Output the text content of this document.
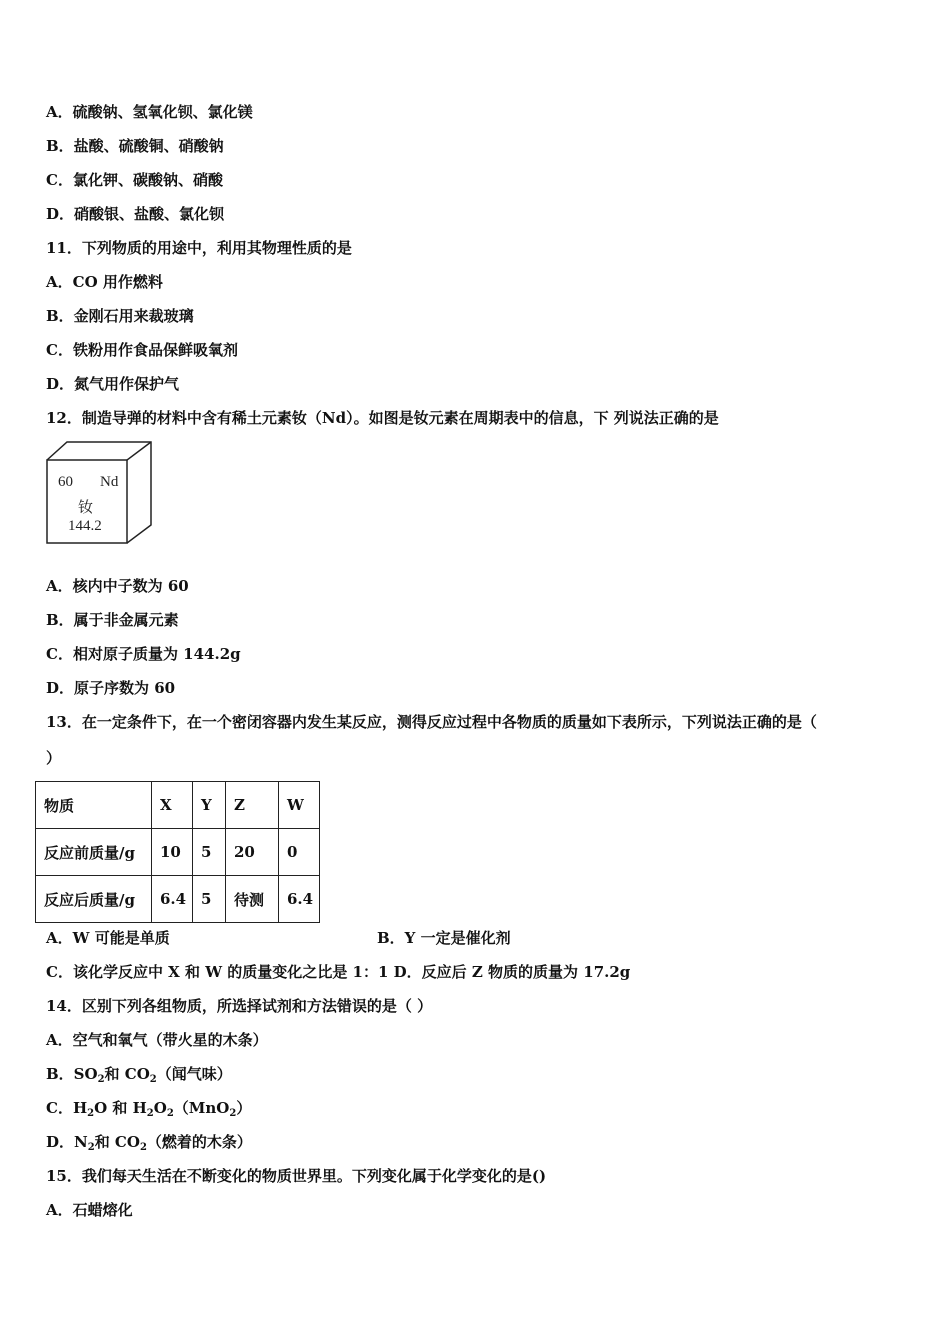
A．硫酸钠、氢氧化钡、氯化镁
B．盐酸、硫酸铜、硝酸钠
C．氯化钾、碳酸钠、硝酸
D．硝酸银、盐酸、氯化钡
11．下列物质的用途中，利用其物理性质的是
A．CO 用作燃料
B．金刚石用来裁玻璃
C．铁粉用作食品保鲜吸氧剂
D．氮气用作保护气
12．制造导弹的材料中含有稀土元素钕（Nd）。如图是钕元素在周期表中的信息，下 列说法正确的是
60 Nd
钕
144.2
A．核内中子数为 60
B．属于非金属元素
C．相对原子质量为 144.2g
D．原子序数为 60
13．在一定条件下，在一个密闭容器内发生某反应，测得反应过程中各物质的质量如下表所示，下列说法正确的是（
）
物质	X	Y	Z	W
反应前质量/g	10	5	20	0
反应后质量/g	6.4	5	待测	6.4
A．W 可能是单质	B．Y 一定是催化剂
C．该化学反应中 X 和 W 的质量变化之比是 1：1 D．反应后 Z 物质的质量为 17.2g
14．区别下列各组物质，所选择试剂和方法错误的是（ ）
A．空气和氧气（带火星的木条）
B．$SO_2$和 $CO_2$（闻气味）
C．$H_2O$ 和 $H_2O_2(MnO_2)$
D．$N_2$和 $CO_2$（燃着的木条）
15．我们每天生活在不断变化的物质世界里。下列变化属于化学变化的是()
A．石蜡熔化
